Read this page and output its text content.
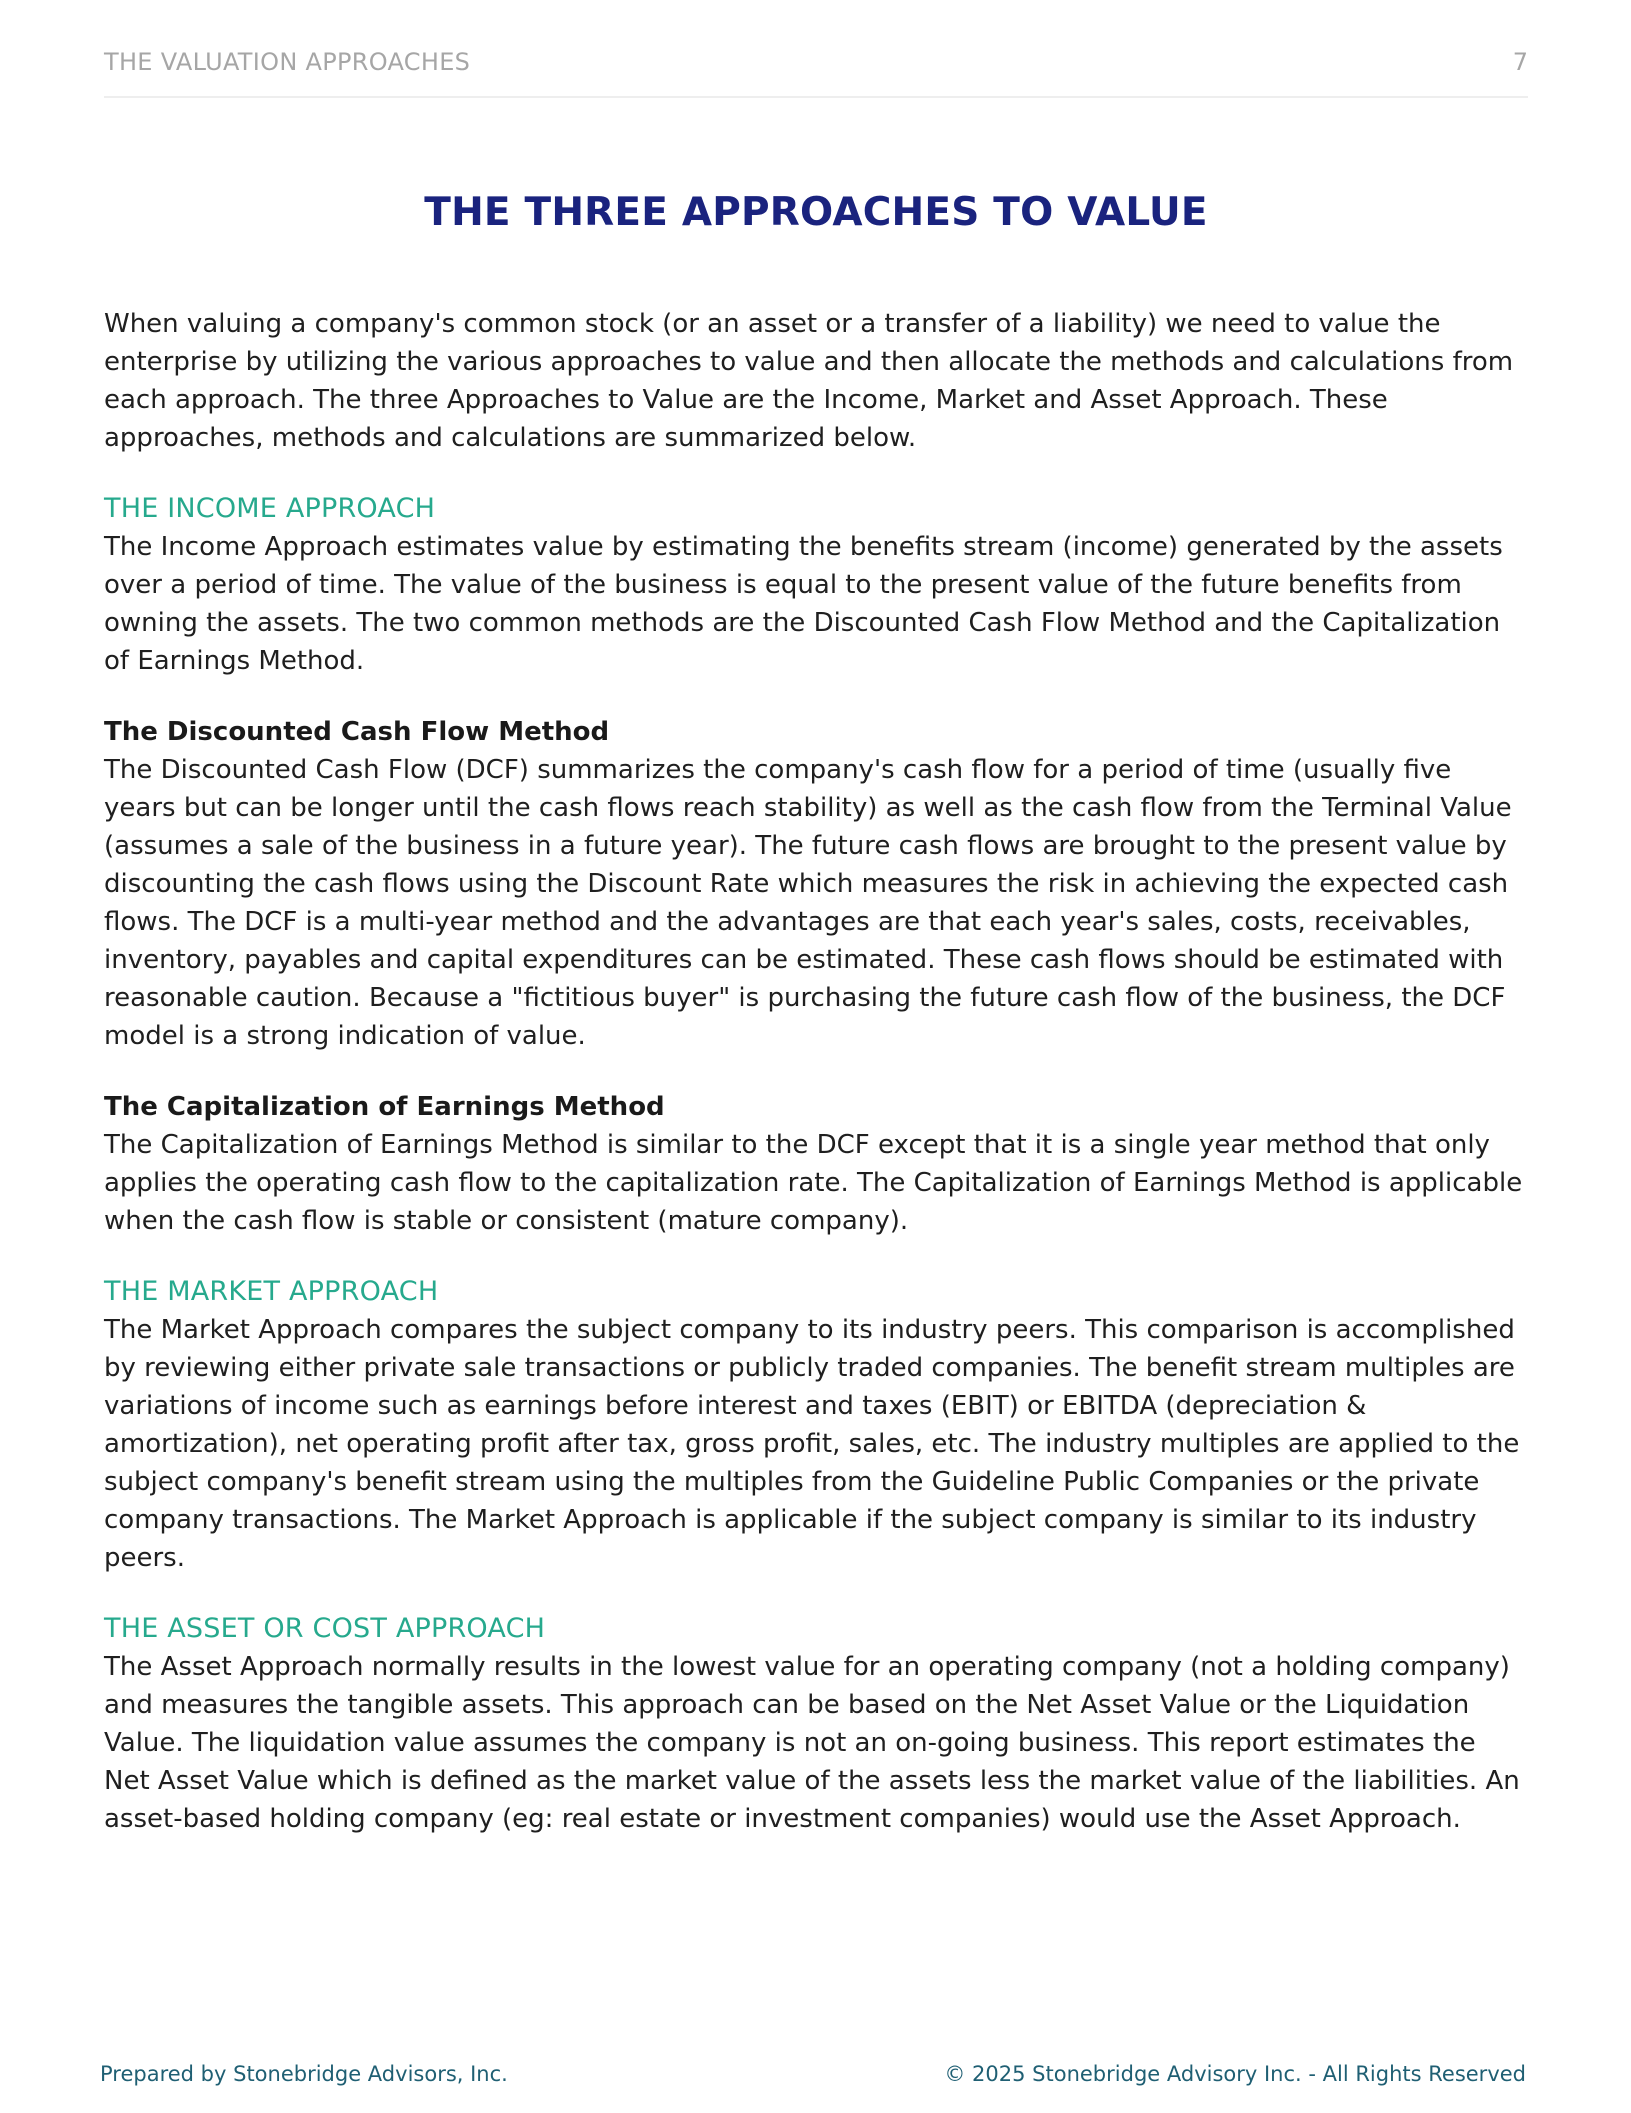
THE VALUATION APPROACHES	7
THE THREE APPROACHES TO VALUE

When valuing a company's common stock (or an asset or a transfer of a liability) we need to value the enterprise by utilizing the various approaches to value and then allocate the methods and calculations from each approach. The three Approaches to Value are the Income, Market and Asset Approach. These approaches, methods and calculations are summarized below.

THE INCOME APPROACH

The Income Approach estimates value by estimating the benefits stream (income) generated by the assets over a period of time. The value of the business is equal to the present value of the future benefits from owning the assets. The two common methods are the Discounted Cash Flow Method and the Capitalization of Earnings Method.

The Discounted Cash Flow Method

The Discounted Cash Flow (DCF) summarizes the company's cash flow for a period of time (usually five years but can be longer until the cash flows reach stability) as well as the cash flow from the Terminal Value (assumes a sale of the business in a future year). The future cash flows are brought to the present value by discounting the cash flows using the Discount Rate which measures the risk in achieving the expected cash flows. The DCF is a multi-year method and the advantages are that each year's sales, costs, receivables, inventory, payables and capital expenditures can be estimated. These cash flows should be estimated with reasonable caution. Because a "fictitious buyer" is purchasing the future cash flow of the business, the DCF model is a strong indication of value.

The Capitalization of Earnings Method

The Capitalization of Earnings Method is similar to the DCF except that it is a single year method that only applies the operating cash flow to the capitalization rate. The Capitalization of Earnings Method is applicable when the cash flow is stable or consistent (mature company).

THE MARKET APPROACH

The Market Approach compares the subject company to its industry peers. This comparison is accomplished by reviewing either private sale transactions or publicly traded companies. The benefit stream multiples are variations of income such as earnings before interest and taxes (EBIT) or EBITDA (depreciation & amortization), net operating profit after tax, gross profit, sales, etc. The industry multiples are applied to the subject company's benefit stream using the multiples from the Guideline Public Companies or the private company transactions. The Market Approach is applicable if the subject company is similar to its industry peers.

THE ASSET OR COST APPROACH

The Asset Approach normally results in the lowest value for an operating company (not a holding company) and measures the tangible assets. This approach can be based on the Net Asset Value or the Liquidation Value. The liquidation value assumes the company is not an on-going business. This report estimates the Net Asset Value which is defined as the market value of the assets less the market value of the liabilities. An asset-based holding company (eg: real estate or investment companies) would use the Asset Approach.

Prepared by Stonebridge Advisors, Inc.	© 2025 Stonebridge Advisory Inc. - All Rights Reserved
